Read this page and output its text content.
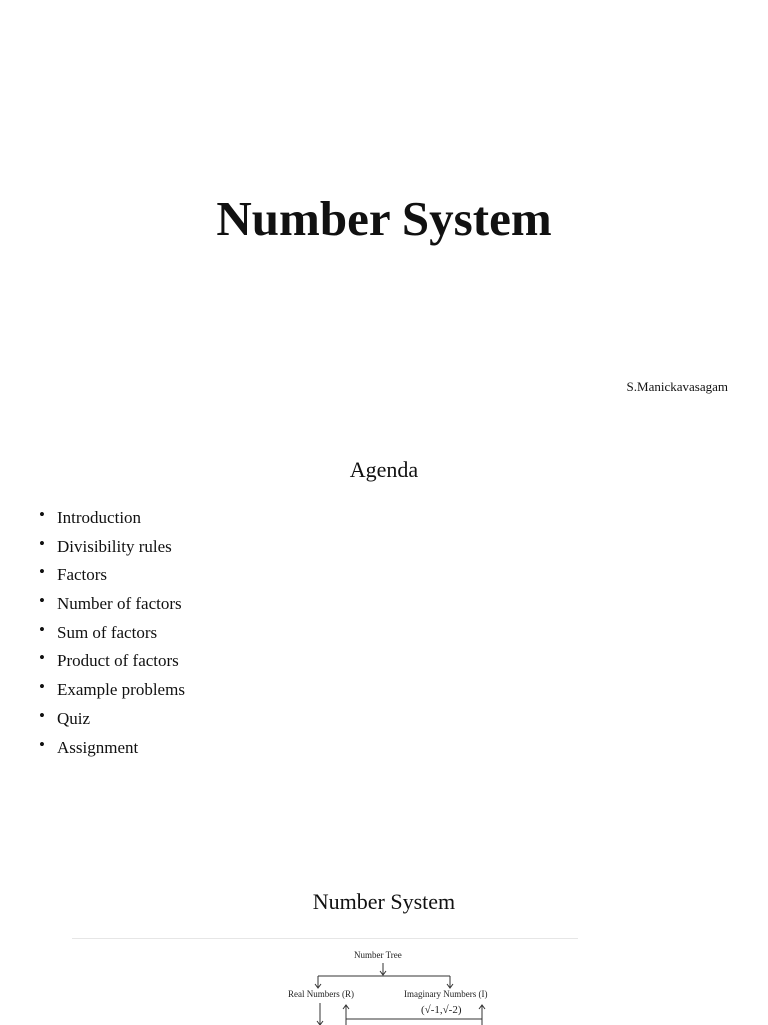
Number System

S.Manickavasagam

Agenda
• Introduction
• Divisibility rules
• Factors
• Number of factors
• Sum of factors
• Product of factors
• Example problems
• Quiz
• Assignment
Number System
Number Tree
Real Numbers (R)	Imaginary Numbers (I)
(√-1,√-2)
